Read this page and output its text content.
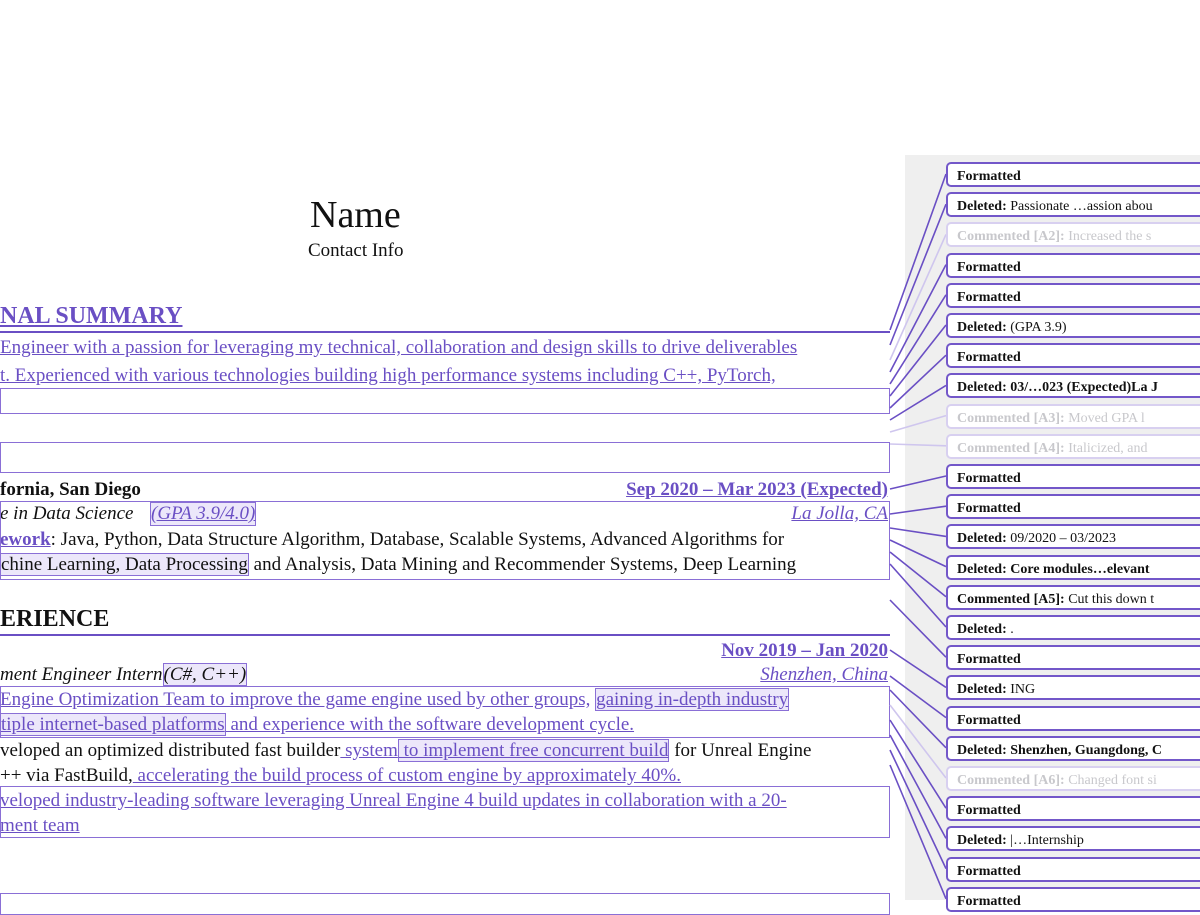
Name
Contact Info
NAL SUMMARY
Engineer with a passion for leveraging my technical, collaboration and design skills to drive deliverables
t. Experienced with various technologies building high performance systems including C++, PyTorch,
fornia, San Diego	Sep 2020 – Mar 2023 (Expected)
e in Data Science (GPA 3.9/4.0)	La Jolla, CA
ework: Java, Python, Data Structure Algorithm, Database, Scalable Systems, Advanced Algorithms for
chine Learning, Data Processing and Analysis, Data Mining and Recommender Systems, Deep Learning
ERIENCE
Nov 2019 – Jan 2020
ment Engineer Intern(C#, C++)	Shenzhen, China
Engine Optimization Team to improve the game engine used by other groups, gaining in-depth industry
tiple internet-based platforms and experience with the software development cycle.
veloped an optimized distributed fast builder system to implement free concurrent build for Unreal Engine
++ via FastBuild, accelerating the build process of custom engine by approximately 40%.
veloped industry-leading software leveraging Unreal Engine 4 build updates in collaboration with a 20-
ment team
Formatted
Deleted: Passionate …assion abou
Commented [A2]: Increased the s
Formatted
Formatted
Deleted: (GPA 3.9)
Formatted
Deleted: 03/…023 (Expected)La J
Commented [A3]: Moved GPA l
Commented [A4]: Italicized, and
Formatted
Formatted
Deleted: 09/2020 – 03/2023
Deleted: Core modules…elevant
Commented [A5]: Cut this down t
Deleted: .
Formatted
Deleted: ING
Formatted
Deleted: Shenzhen, Guangdong, C
Commented [A6]: Changed font si
Formatted
Deleted: |…Internship
Formatted
Formatted
